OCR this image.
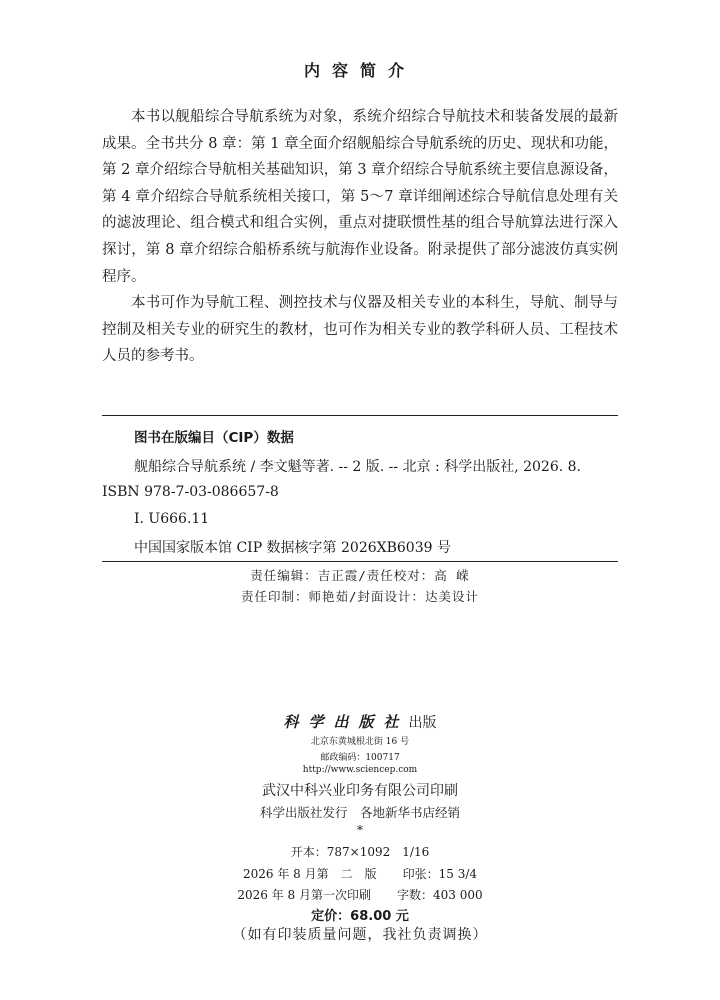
内容简介

本书以舰船综合导航系统为对象，系统介绍综合导航技术和装备发展的最新成果。全书共分 8 章：第 1 章全面介绍舰船综合导航系统的历史、现状和功能，第 2 章介绍综合导航相关基础知识，第 3 章介绍综合导航系统主要信息源设备，第 4 章介绍综合导航系统相关接口，第 5～7 章详细阐述综合导航信息处理有关的滤波理论、组合模式和组合实例，重点对捷联惯性基的组合导航算法进行深入探讨，第 8 章介绍综合船桥系统与航海作业设备。附录提供了部分滤波仿真实例程序。

本书可作为导航工程、测控技术与仪器及相关专业的本科生，导航、制导与控制及相关专业的研究生的教材，也可作为相关专业的教学科研人员、工程技术人员的参考书。

图书在版编目（CIP）数据
舰船综合导航系统 / 李文魁等著. -- 2 版. -- 北京 : 科学出版社, 2026. 8.
ISBN 978-7-03-086657-8
I. U666.11
中国国家版本馆 CIP 数据核字第 2026XB6039 号
责任编辑：吉正霞/责任校对：高 嵘
责任印制：师艳茹/封面设计：达美设计
科学出版社出版
北京东黄城根北街 16 号
邮政编码：100717
http://www.sciencep.com
武汉中科兴业印务有限公司印刷
科学出版社发行　各地新华书店经销
*
开本：787×1092　1/16
2026 年 8 月第　二　版 印张：15 3/4
2026 年 8 月第一次印刷 字数：403 000
定价：68.00 元
（如有印装质量问题，我社负责调换）
